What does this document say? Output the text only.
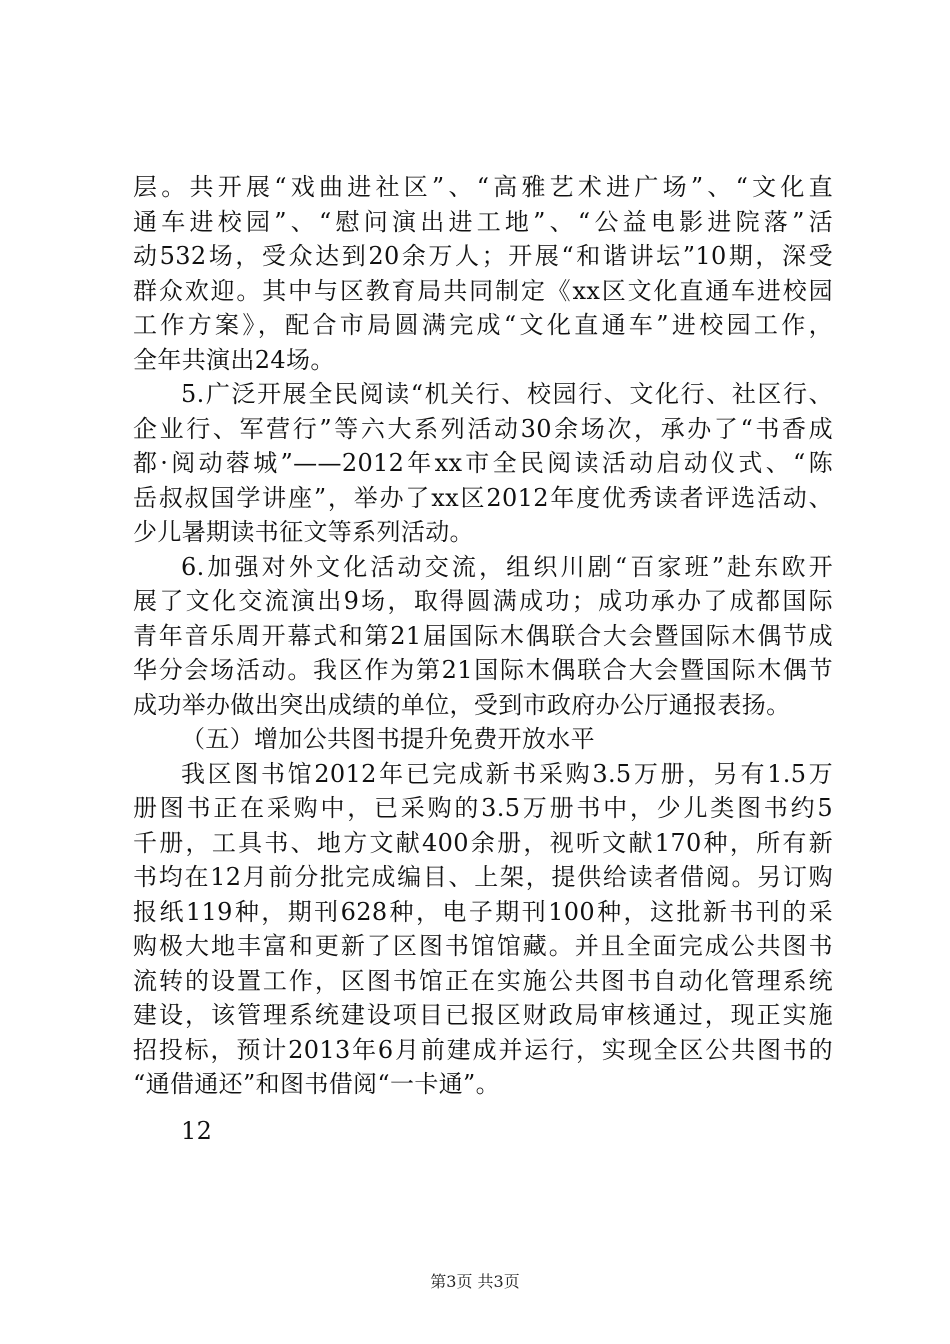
层。共开展“戏曲进社区”、“高雅艺术进广场”、“文化直
通车进校园”、“慰问演出进工地”、“公益电影进院落”活
动532场，受众达到20余万人；开展“和谐讲坛”10期，深受
群众欢迎。其中与区教育局共同制定《xx区文化直通车进校园
工作方案》，配合市局圆满完成“文化直通车”进校园工作，
全年共演出24场。
5.广泛开展全民阅读“机关行、校园行、文化行、社区行、
企业行、军营行”等六大系列活动30余场次，承办了“书香成
都·阅动蓉城”——2012年xx市全民阅读活动启动仪式、“陈
岳叔叔国学讲座”，举办了xx区2012年度优秀读者评选活动、
少儿暑期读书征文等系列活动。
6.加强对外文化活动交流，组织川剧“百家班”赴东欧开
展了文化交流演出9场，取得圆满成功；成功承办了成都国际
青年音乐周开幕式和第21届国际木偶联合大会暨国际木偶节成
华分会场活动。我区作为第21国际木偶联合大会暨国际木偶节
成功举办做出突出成绩的单位，受到市政府办公厅通报表扬。
（五）增加公共图书提升免费开放水平
我区图书馆2012年已完成新书采购3.5万册，另有1.5万
册图书正在采购中，已采购的3.5万册书中，少儿类图书约5
千册，工具书、地方文献400余册，视听文献170种，所有新
书均在12月前分批完成编目、上架，提供给读者借阅。另订购
报纸119种，期刊628种，电子期刊100种，这批新书刊的采
购极大地丰富和更新了区图书馆馆藏。并且全面完成公共图书
流转的设置工作，区图书馆正在实施公共图书自动化管理系统
建设，该管理系统建设项目已报区财政局审核通过，现正实施
招投标，预计2013年6月前建成并运行，实现全区公共图书的
“通借通还”和图书借阅“一卡通”。
12
第3页 共3页
